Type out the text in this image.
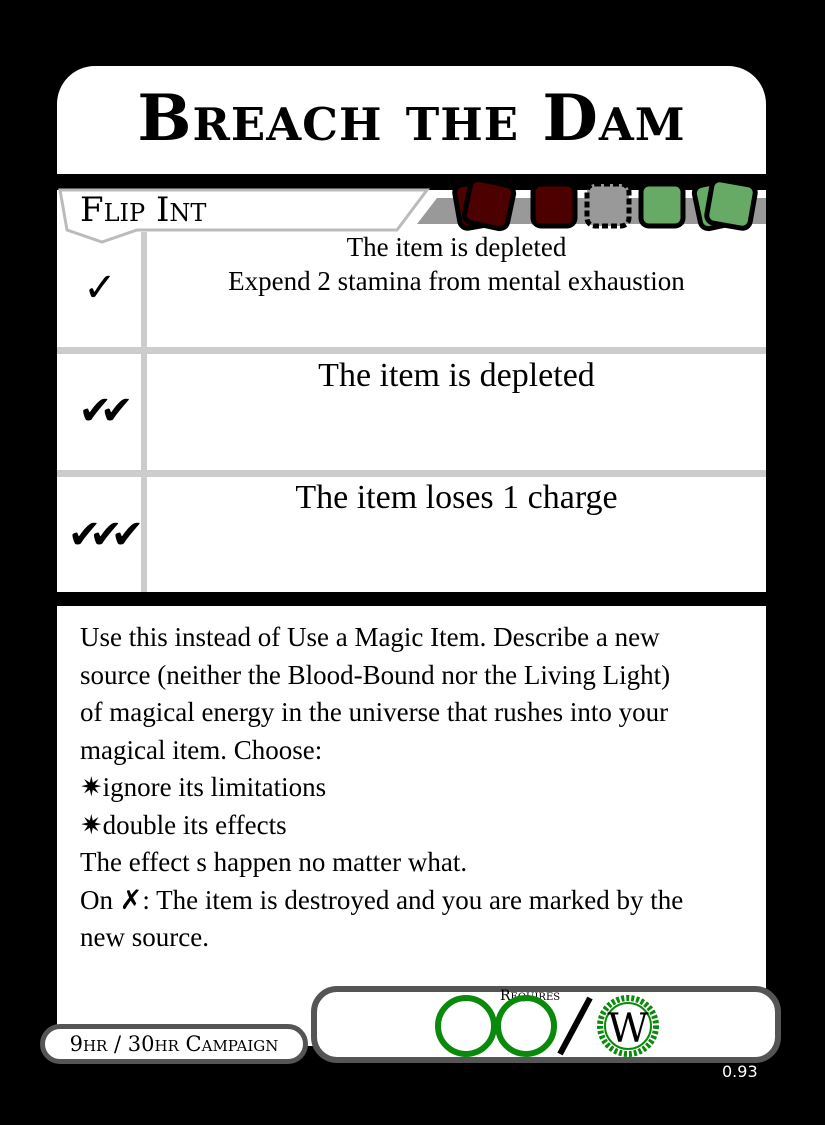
Breach the Dam
Flip Int
✓
The item is depleted
Expend 2 stamina from mental exhaustion
✔✔
The item is depleted
✔✔✔
The item loses 1 charge
Use this instead of Use a Magic Item. Describe a new
source (neither the Blood-Bound nor the Living Light)
of magical energy in the universe that rushes into your
magical item. Choose:
✷ignore its limitations
✷double its effects
The effect s happen no matter what.
On ✗: The item is destroyed and you are marked by the
new source.
Requires
W
9hr / 30hr Campaign
0.93
